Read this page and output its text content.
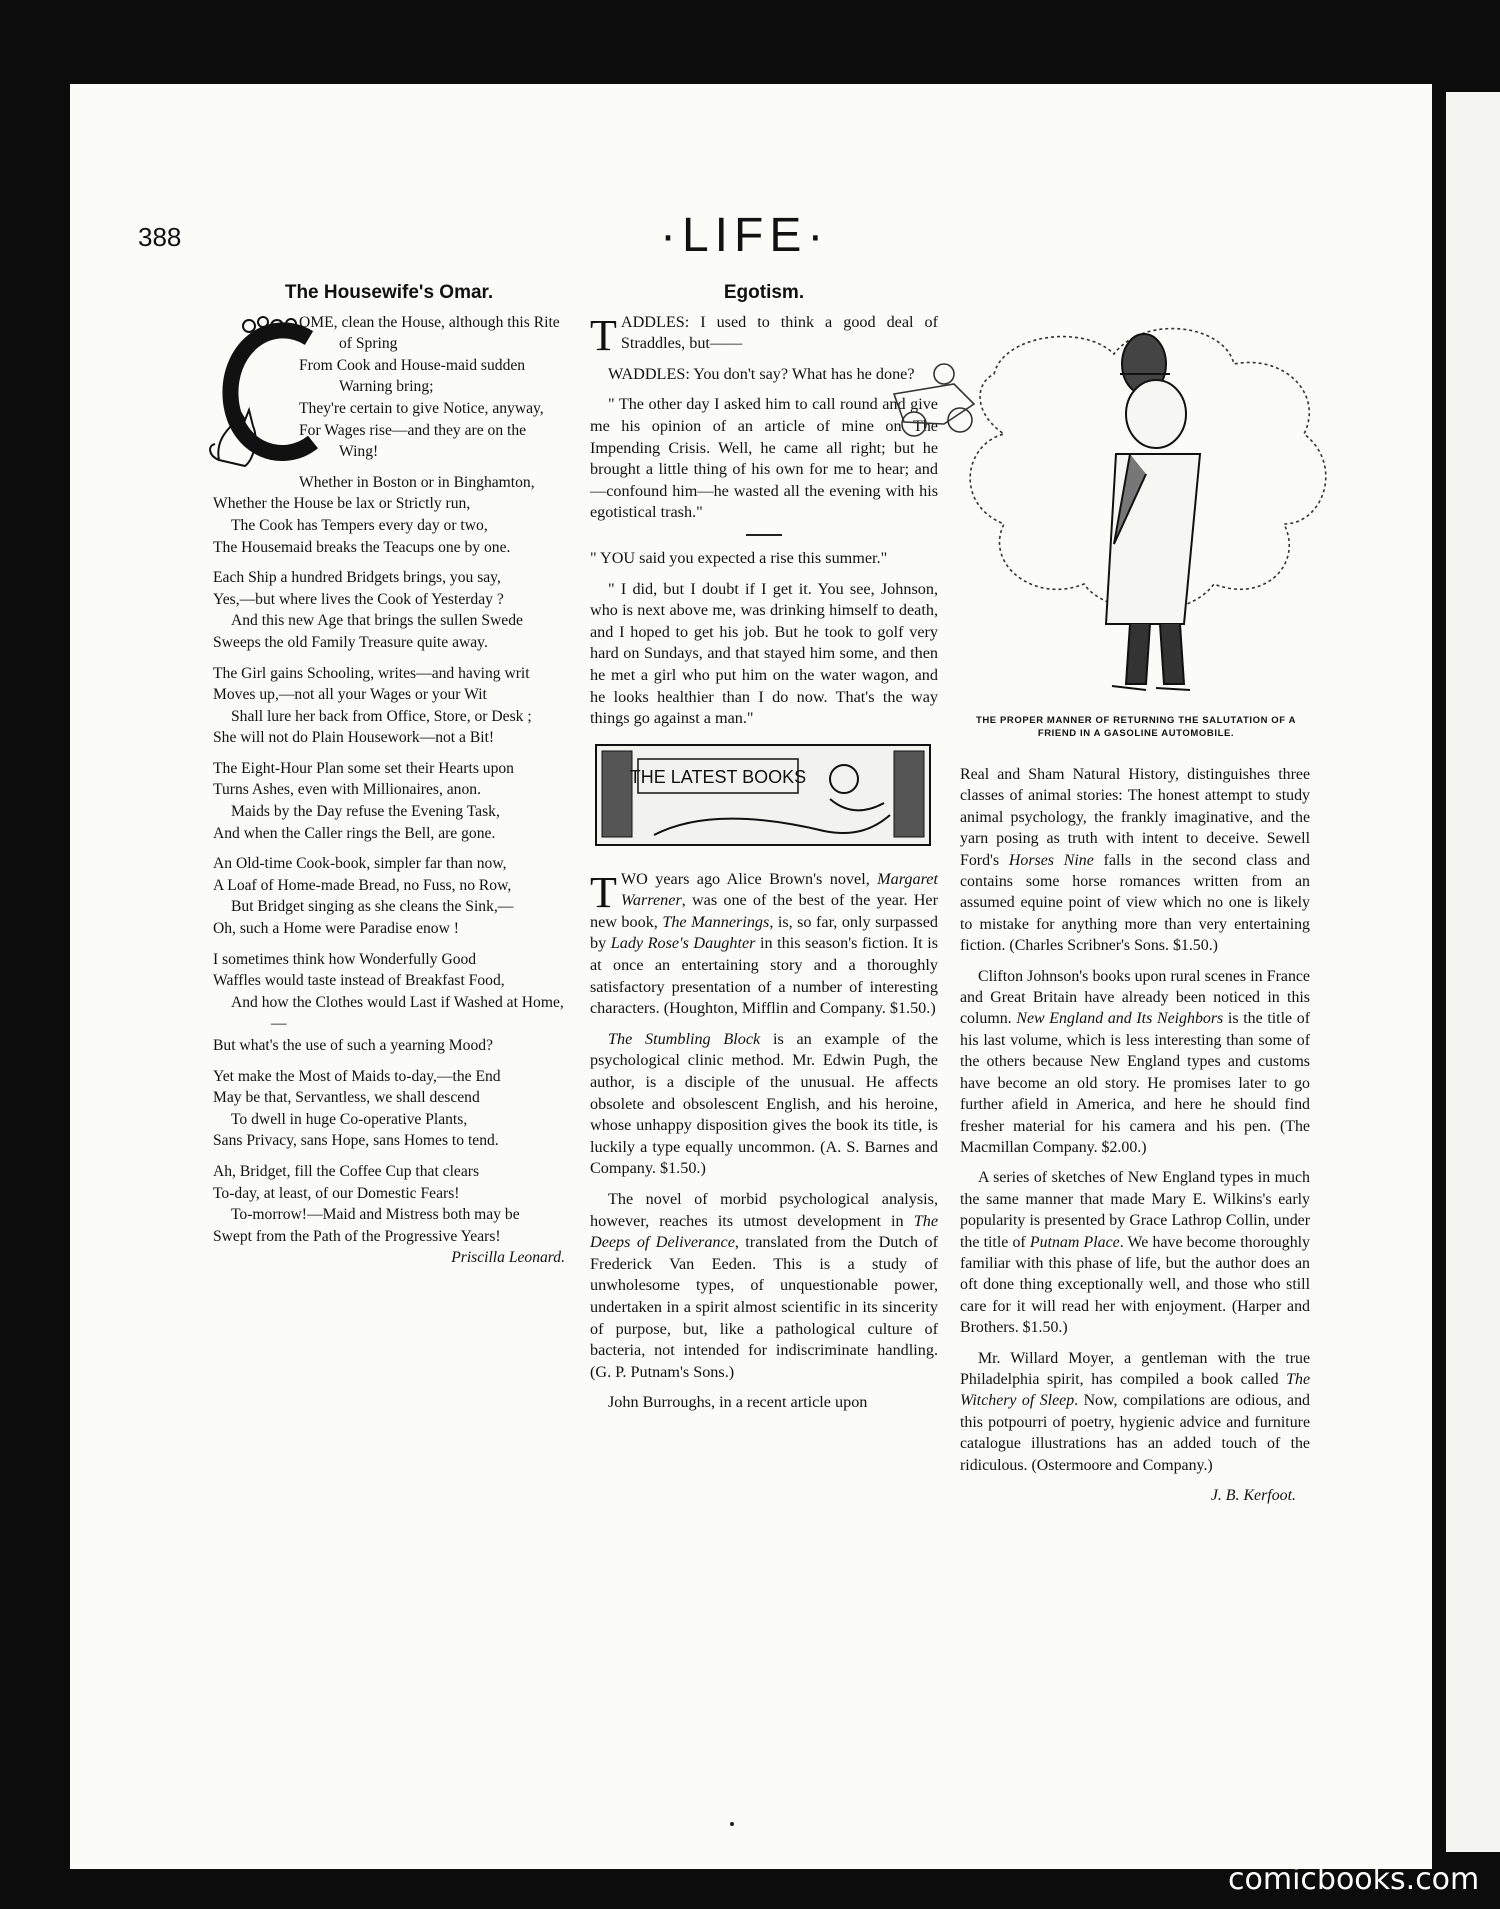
388	·LIFE·
The Housewife's Omar.
OME, clean the House, although this Rite of Spring
From Cook and House-maid sudden Warning bring;
They're certain to give Notice, anyway,
For Wages rise—and they are on the Wing!
Whether in Boston or in Binghamton,
Whether the House be lax or Strictly run,
The Cook has Tempers every day or two,
The Housemaid breaks the Teacups one by one.
Each Ship a hundred Bridgets brings, you say,
Yes,—but where lives the Cook of Yesterday ?
And this new Age that brings the sullen Swede
Sweeps the old Family Treasure quite away.
The Girl gains Schooling, writes—and having writ
Moves up,—not all your Wages or your Wit
Shall lure her back from Office, Store, or Desk ;
She will not do Plain Housework—not a Bit!
The Eight-Hour Plan some set their Hearts upon
Turns Ashes, even with Millionaires, anon.
Maids by the Day refuse the Evening Task,
And when the Caller rings the Bell, are gone.
An Old-time Cook-book, simpler far than now,
A Loaf of Home-made Bread, no Fuss, no Row,
But Bridget singing as she cleans the Sink,—
Oh, such a Home were Paradise enow !
I sometimes think how Wonderfully Good
Waffles would taste instead of Breakfast Food,
And how the Clothes would Last if Washed at Home,—
But what's the use of such a yearning Mood?
Yet make the Most of Maids to-day,—the End
May be that, Servantless, we shall descend
To dwell in huge Co-operative Plants,
Sans Privacy, sans Hope, sans Homes to tend.
Ah, Bridget, fill the Coffee Cup that clears
To-day, at least, of our Domestic Fears!
To-morrow!—Maid and Mistress both may be
Swept from the Path of the Progressive Years!
Priscilla Leonard.
Egotism.

TADDLES: I used to think a good deal of Straddles, but——

WADDLES: You don't say? What has he done?

" The other day I asked him to call round and give me his opinion of an article of mine on The Impending Crisis. Well, he came all right; but he brought a little thing of his own for me to hear; and—confound him—he wasted all the evening with his egotistical trash."

" YOU said you expected a rise this summer."

" I did, but I doubt if I get it. You see, Johnson, who is next above me, was drinking himself to death, and I hoped to get his job. But he took to golf very hard on Sundays, and that stayed him some, and then he met a girl who put him on the water wagon, and he looks healthier than I do now. That's the way things go against a man."

THE LATEST BOOKS

TWO years ago Alice Brown's novel, Margaret Warrener, was one of the best of the year. Her new book, The Mannerings, is, so far, only surpassed by Lady Rose's Daughter in this season's fiction. It is at once an entertaining story and a thoroughly satisfactory presentation of a number of interesting characters. (Houghton, Mifflin and Company. $1.50.)

The Stumbling Block is an example of the psychological clinic method. Mr. Edwin Pugh, the author, is a disciple of the unusual. He affects obsolete and obsolescent English, and his heroine, whose unhappy disposition gives the book its title, is luckily a type equally uncommon. (A. S. Barnes and Company. $1.50.)

The novel of morbid psychological analysis, however, reaches its utmost development in The Deeps of Deliverance, translated from the Dutch of Frederick Van Eeden. This is a study of unwholesome types, of unquestionable power, undertaken in a spirit almost scientific in its sincerity of purpose, but, like a pathological culture of bacteria, not intended for indiscriminate handling. (G. P. Putnam's Sons.)

John Burroughs, in a recent article upon

THE PROPER MANNER OF RETURNING THE SALUTATION OF A FRIEND IN A GASOLINE AUTOMOBILE.

Real and Sham Natural History, distinguishes three classes of animal stories: The honest attempt to study animal psychology, the frankly imaginative, and the yarn posing as truth with intent to deceive. Sewell Ford's Horses Nine falls in the second class and contains some horse romances written from an assumed equine point of view which no one is likely to mistake for anything more than very entertaining fiction. (Charles Scribner's Sons. $1.50.)

Clifton Johnson's books upon rural scenes in France and Great Britain have already been noticed in this column. New England and Its Neighbors is the title of his last volume, which is less interesting than some of the others because New England types and customs have become an old story. He promises later to go further afield in America, and here he should find fresher material for his camera and his pen. (The Macmillan Company. $2.00.)

A series of sketches of New England types in much the same manner that made Mary E. Wilkins's early popularity is presented by Grace Lathrop Collin, under the title of Putnam Place. We have become thoroughly familiar with this phase of life, but the author does an oft done thing exceptionally well, and those who still care for it will read her with enjoyment. (Harper and Brothers. $1.50.)

Mr. Willard Moyer, a gentleman with the true Philadelphia spirit, has compiled a book called The Witchery of Sleep. Now, compilations are odious, and this potpourri of poetry, hygienic advice and furniture catalogue illustrations has an added touch of the ridiculous. (Ostermoore and Company.)

J. B. Kerfoot.
comicbooks.com
